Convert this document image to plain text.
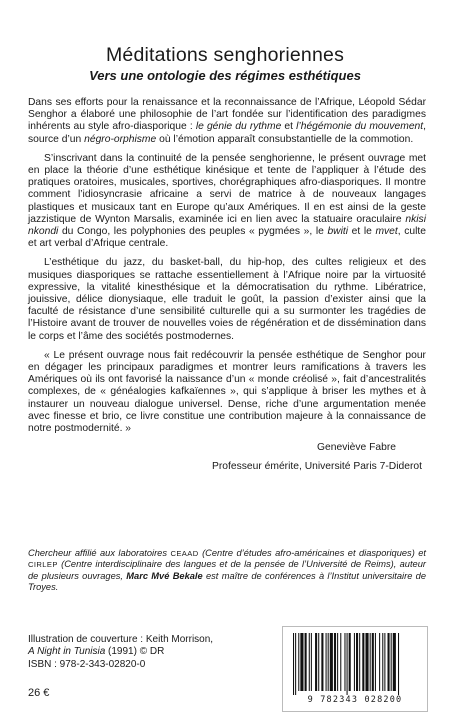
Méditations senghoriennes
Vers une ontologie des régimes esthétiques

Dans ses efforts pour la renaissance et la reconnaissance de l’Afrique, Léopold Sédar Senghor a élaboré une philosophie de l’art fondée sur l’identification des paradigmes inhérents au style afro-diasporique : le génie du rythme et l’hégémonie du mouvement, source d’un négro-orphisme où l’émotion apparaît consubstantielle de la commotion.

S’inscrivant dans la continuité de la pensée senghorienne, le présent ouvrage met en place la théorie d’une esthétique kinésique et tente de l’appliquer à l’étude des pratiques oratoires, musicales, sportives, chorégraphiques afro-diasporiques. Il montre comment l’idiosyncrasie africaine a servi de matrice à de nouveaux langages plastiques et musicaux tant en Europe qu’aux Amériques. Il en est ainsi de la geste jazzistique de Wynton Marsalis, examinée ici en lien avec la statuaire oraculaire nkisi nkondi du Congo, les polyphonies des peuples « pygmées », le bwiti et le mvet, culte et art verbal d’Afrique centrale.

L’esthétique du jazz, du basket-ball, du hip-hop, des cultes religieux et des musiques diasporiques se rattache essentiellement à l’Afrique noire par la virtuosité expressive, la vitalité kinesthésique et la démocratisation du rythme. Libératrice, jouissive, délice dionysiaque, elle traduit le goût, la passion d’exister ainsi que la faculté de résistance d’une sensibilité culturelle qui a su surmonter les tragédies de l’Histoire avant de trouver de nouvelles voies de régénération et de dissémination dans le corps et l’âme des sociétés postmodernes.

« Le présent ouvrage nous fait redécouvrir la pensée esthétique de Senghor pour en dégager les principaux paradigmes et montrer leurs ramifications à travers les Amériques où ils ont favorisé la naissance d’un « monde créolisé », fait d’ancestralités complexes, de « généalogies kafkaïennes », qui s’applique à briser les mythes et à instaurer un nouveau dialogue universel. Dense, riche d’une argumentation menée avec finesse et brio, ce livre constitue une contribution majeure à la connaissance de notre postmodernité. »

Geneviève Fabre

Professeur émérite, Université Paris 7-Diderot

Chercheur affilié aux laboratoires CEAAD (Centre d’études afro-américaines et diasporiques) et CIRLEP (Centre interdisciplinaire des langues et de la pensée de l’Université de Reims), auteur de plusieurs ouvrages, Marc Mvé Bekale est maître de conférences à l’Institut universitaire de Troyes.

Illustration de couverture : Keith Morrison,
A Night in Tunisia (1991) © DR
ISBN : 978-2-343-02820-0
26 €
9 782343 028200
